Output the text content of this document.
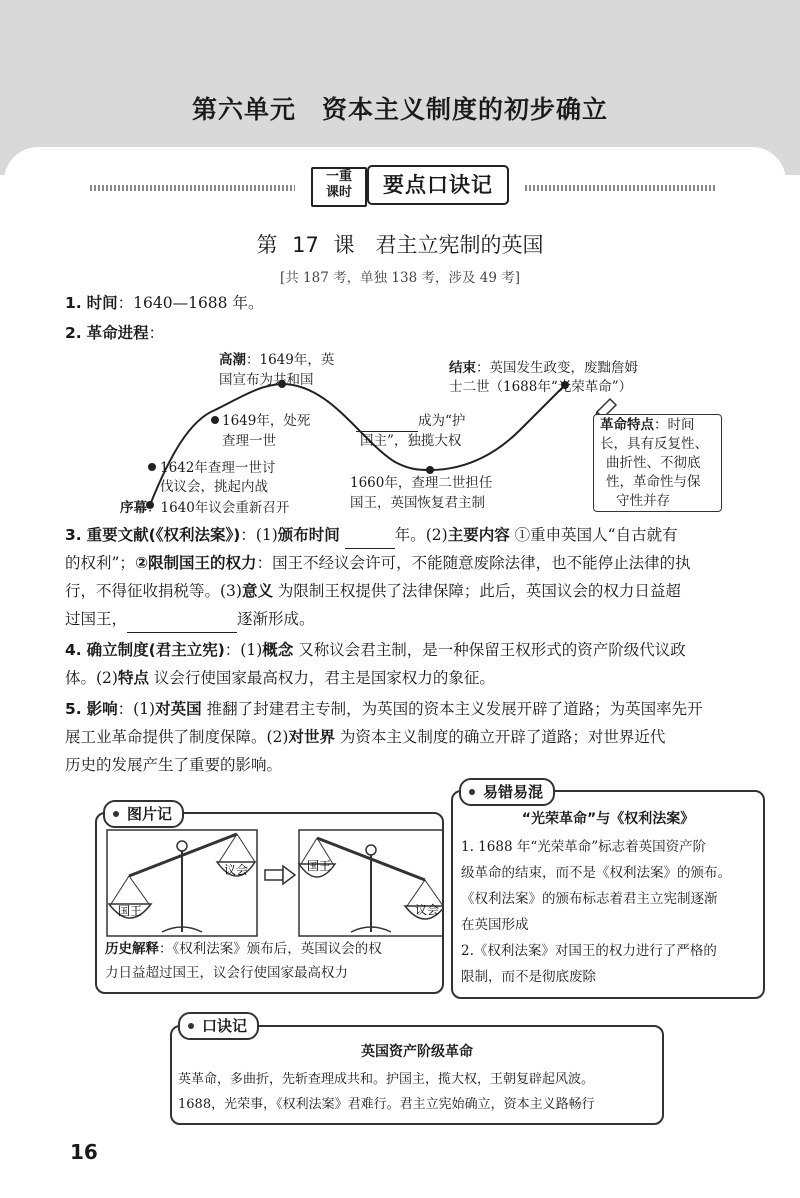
第六单元　资本主义制度的初步确立
一重
课时	要点口诀记
第 17 课　君主立宪制的英国
[共 187 考，单独 138 考，涉及 49 考]
1. 时间：1640—1688 年。
2. 革命进程：
高潮：1649年，英
国宣布为共和国
1649年，处死
查理一世
1642年查理一世讨
伐议会，挑起内战
序幕：1640年议会重新召开
成为“护
国主”，独揽大权
1660年，查理二世担任
国王，英国恢复君主制
结束：英国发生政变，废黜詹姆
士二世（1688年“光荣革命”）
革命特点：时间
长，具有反复性、
曲折性、不彻底
性，革命性与保
守性并存
3. 重要文献(《权利法案》)：(1)颁布时间	年。(2)主要内容 ①重申英国人“自古就有
的权利”；②限制国王的权力：国王不经议会许可，不能随意废除法律，也不能停止法律的执
行，不得征收捐税等。(3)意义 为限制王权提供了法律保障；此后，英国议会的权力日益超
过国王，	逐渐形成。
4. 确立制度(君主立宪)：(1)概念 又称议会君主制，是一种保留王权形式的资产阶级代议政
体。(2)特点 议会行使国家最高权力，君主是国家权力的象征。
5. 影响：(1)对英国 推翻了封建君主专制，为英国的资本主义发展开辟了道路；为英国率先开
展工业革命提供了制度保障。(2)对世界 为资本主义制度的确立开辟了道路；对世界近代
历史的发展产生了重要的影响。
国王
议会	国王
议会
历史解释：《权利法案》颁布后，英国议会的权
力日益超过国王，议会行使国家最高权力
图片记	“光荣革命”与《权利法案》
1. 1688 年“光荣革命”标志着英国资产阶
级革命的结束，而不是《权利法案》的颁布。
《权利法案》的颁布标志着君主立宪制逐渐
在英国形成
2.《权利法案》对国王的权力进行了严格的
限制，而不是彻底废除
易错易混
英国资产阶级革命
英革命，多曲折，先斩查理成共和。护国主，揽大权，王朝复辟起风波。
1688，光荣事，《权利法案》君难行。君主立宪始确立，资本主义路畅行
口诀记
16
